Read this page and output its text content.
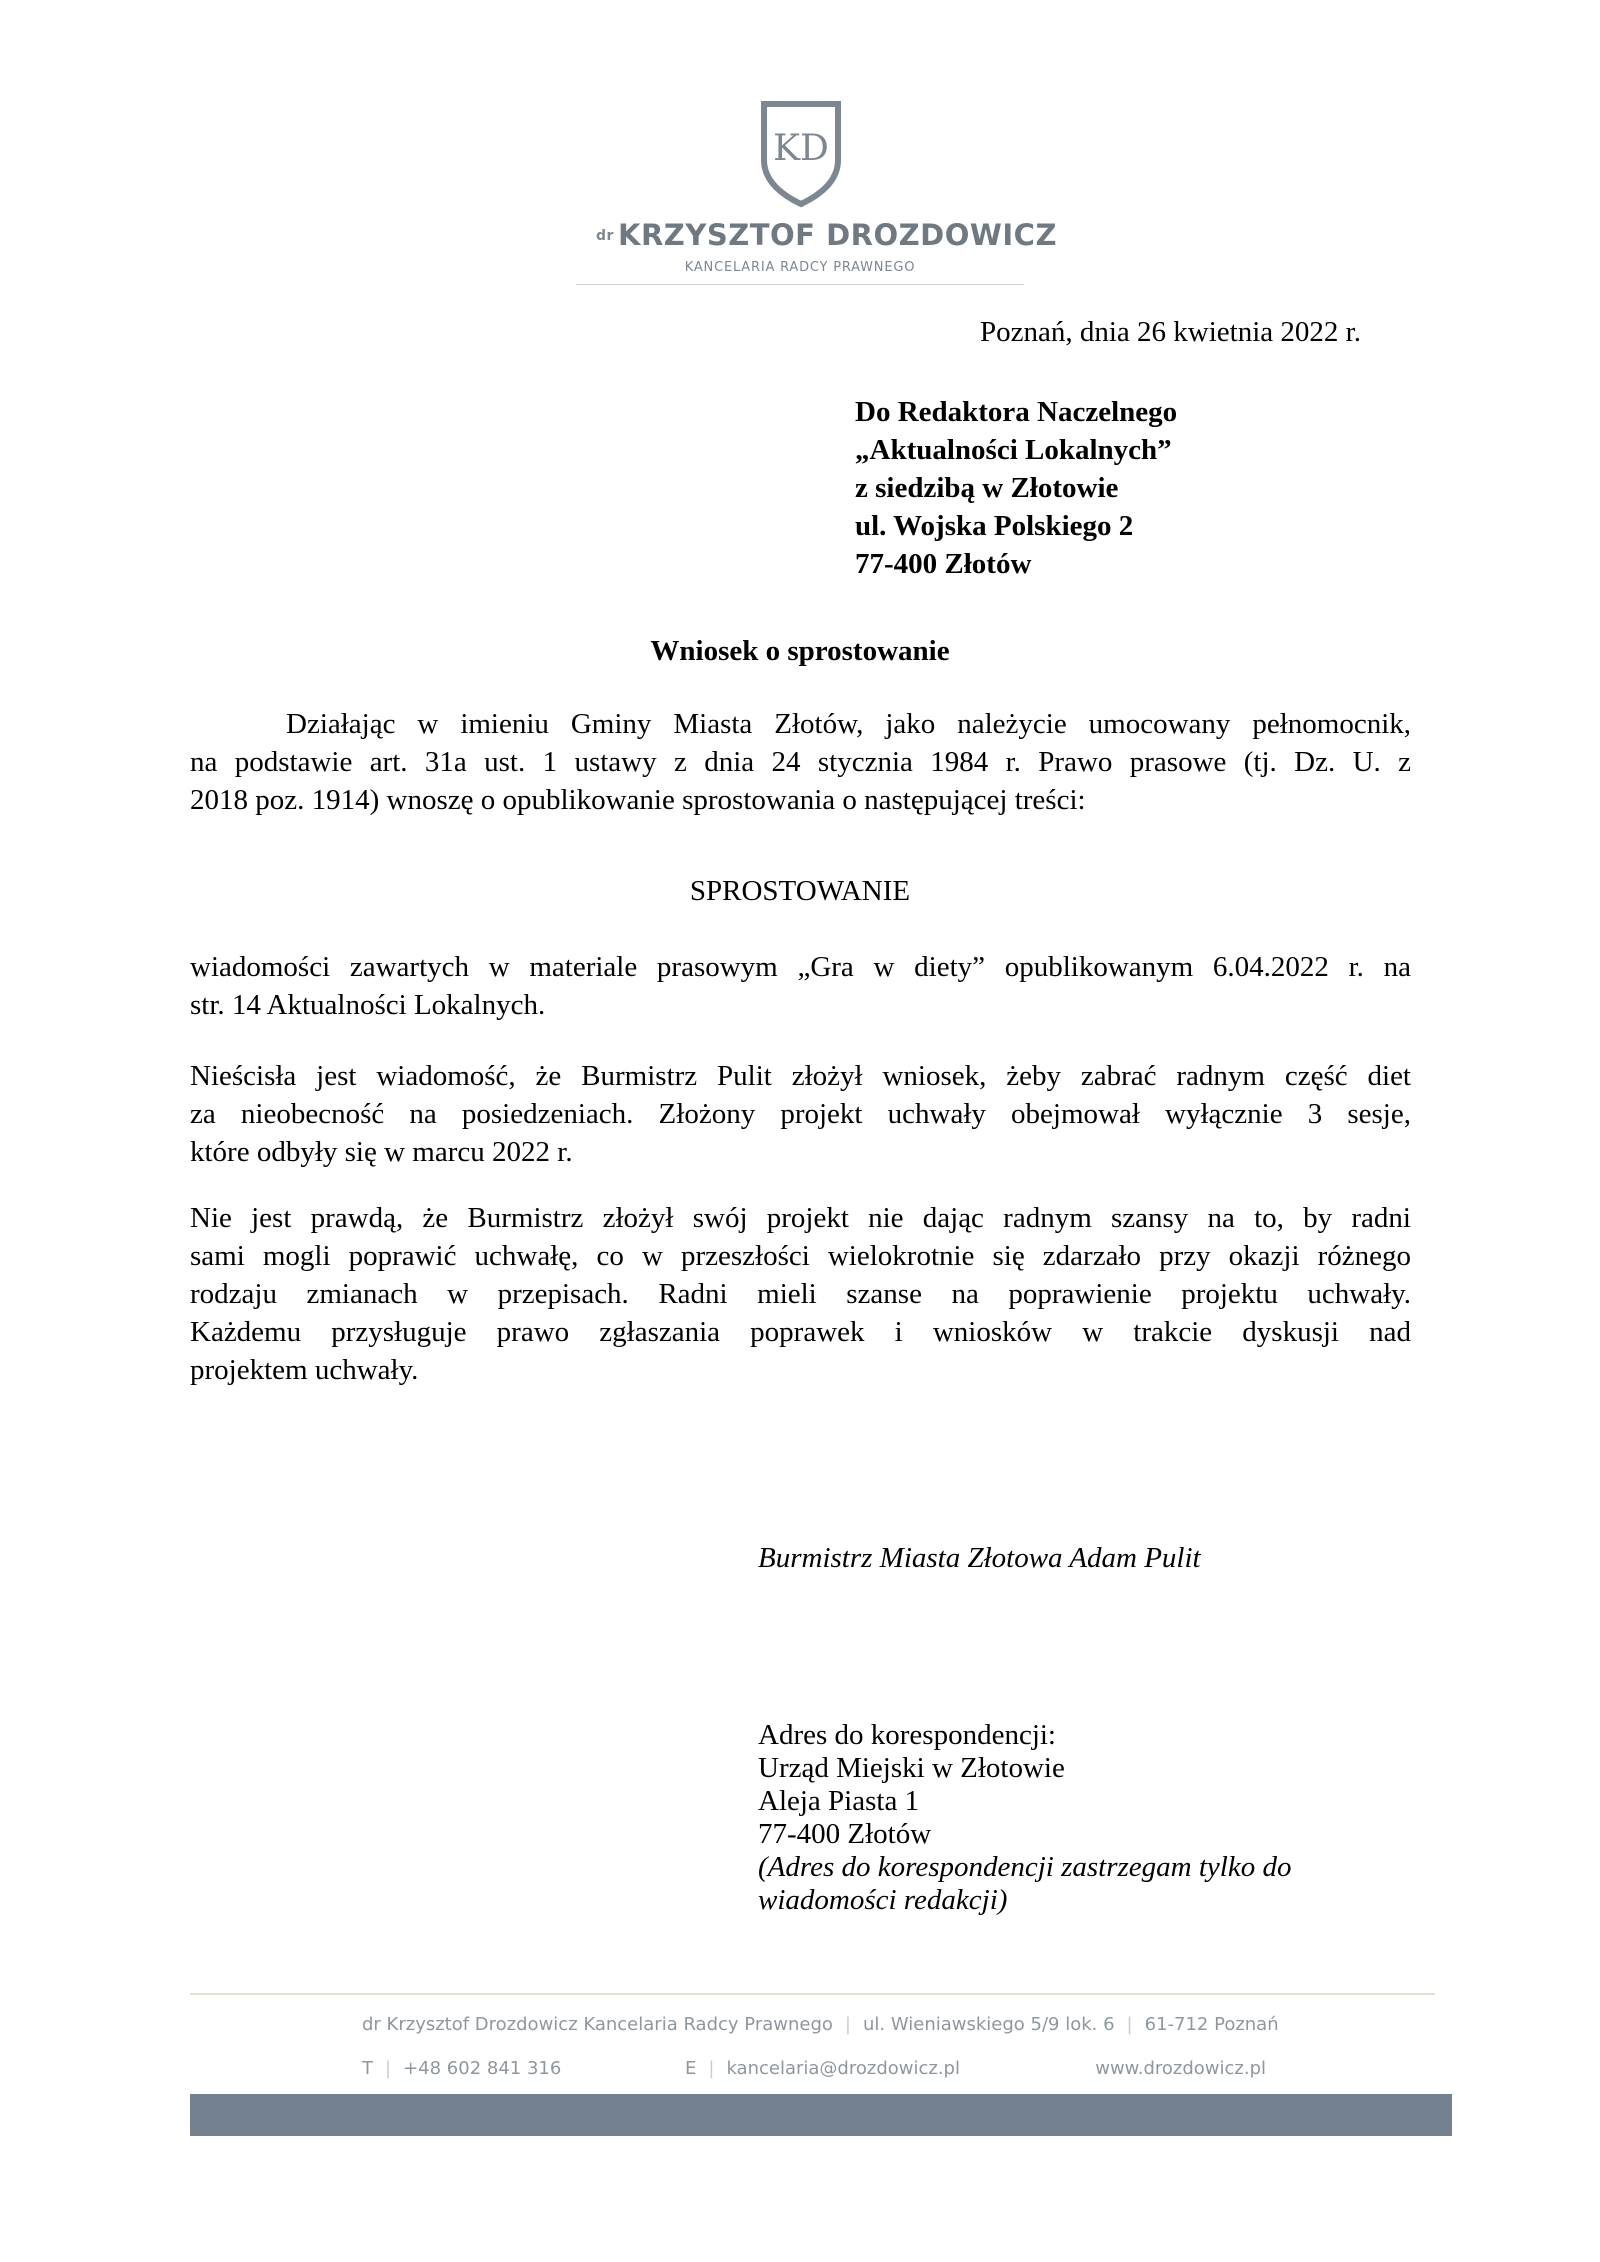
KD
dr KRZYSZTOF DROZDOWICZ
KANCELARIA RADCY PRAWNEGO
Poznań, dnia 26 kwietnia 2022 r.
Do Redaktora Naczelnego
„Aktualności Lokalnych”
z siedzibą w Złotowie
ul. Wojska Polskiego 2
77-400 Złotów
Wniosek o sprostowanie
Działając w imieniu Gminy Miasta Złotów, jako należycie umocowany pełnomocnik,
na podstawie art. 31a ust. 1 ustawy z dnia 24 stycznia 1984 r. Prawo prasowe (tj. Dz. U. z
2018 poz. 1914) wnoszę o opublikowanie sprostowania o następującej treści:
SPROSTOWANIE
wiadomości zawartych w materiale prasowym „Gra w diety” opublikowanym 6.04.2022 r. na
str. 14 Aktualności Lokalnych.
Nieścisła jest wiadomość, że Burmistrz Pulit złożył wniosek, żeby zabrać radnym część diet
za nieobecność na posiedzeniach. Złożony projekt uchwały obejmował wyłącznie 3 sesje,
które odbyły się w marcu 2022 r.
Nie jest prawdą, że Burmistrz złożył swój projekt nie dając radnym szansy na to, by radni
sami mogli poprawić uchwałę, co w przeszłości wielokrotnie się zdarzało przy okazji różnego
rodzaju zmianach w przepisach. Radni mieli szanse na poprawienie projektu uchwały.
Każdemu przysługuje prawo zgłaszania poprawek i wniosków w trakcie dyskusji nad
projektem uchwały.
Burmistrz Miasta Złotowa Adam Pulit
Adres do korespondencji:
Urząd Miejski w Złotowie
Aleja Piasta 1
77-400 Złotów
(Adres do korespondencji zastrzegam tylko do
wiadomości redakcji)
dr Krzysztof Drozdowicz Kancelaria Radcy Prawnego | ul. Wieniawskiego 5/9 lok. 6 | 61-712 Poznań
T | +48 602 841 316	E | kancelaria@drozdowicz.pl	www.drozdowicz.pl
